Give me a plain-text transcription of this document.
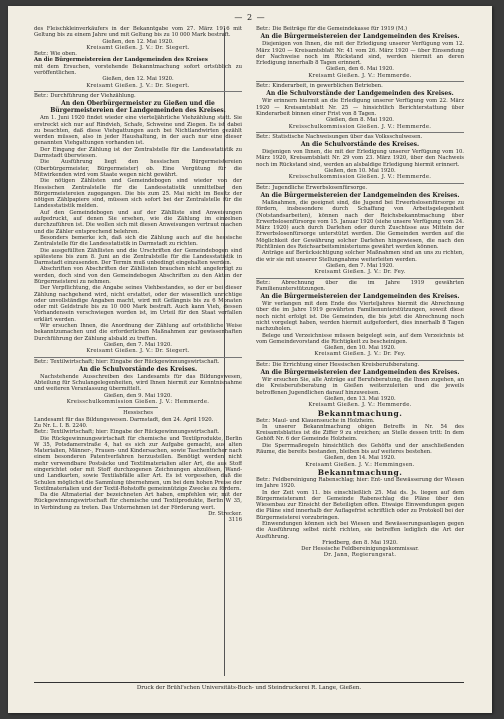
— 2 —

des Fleischkleinverkäufers in der Bekanntgabe vom 27. März 1916 mit Geltung bis zu einem Jahre und mit Geltung bis zu 10 000 Mark bestraft.

Gießen, den 12. Mai 1920.

Kreisamt Gießen. J. V.: Dr. Siegert.

Betr.: Wie oben.

An die Bürgermeistereien der Landgemeinden des Kreises

mit dem Ersuchen, vorstehende Bekanntmachung sofort ortsüblich zu veröffentlichen.

Gießen, den 12. Mai 1920.

Kreisamt Gießen. J. V.: Dr. Siegert.

Betr.: Durchführung der Viehzählung.

An den Oberbürgermeister zu Gießen und die Bürgermeistereien der Landgemeinden des Kreises.

Am 1. Juni 1920 findet wieder eine vierteljährliche Viehzählung statt. Sie erstreckt sich nur auf Rindvieh, Schafe, Schweine und Ziegen. Es ist dabei zu beachten, daß diese Viehgattungen auch bei Nichtlandwirten gezählt werden müssen, also in jeder Haushaltung, in der auch nur eine dieser genannten Viehgattungen vorhanden ist.

Der Eingang der Zählung ist der Zentralstelle für die Landesstatistik zu Darmstadt überwiesen.

Die Ausführung liegt den hessischen Bürgermeistereien (Oberbürgermeister, Bürgermeister) ob. Eine Vergütung für die Mitwirkenden wird vom Staate wegen nicht gewährt.

Die nötigen Zählisten und Gemeindebogen sind wieder von der Hessischen Zentralstelle für die Landesstatistik unmittelbar den Bürgermeistereien zugegangen. Die bis zum 25. Mai nicht im Besitz der nötigen Zählpapiere sind, müssen sich sofort bei der Zentralstelle für die Landesstatistik melden.

Auf den Gemeindebogen und auf der Zählliste sind Anweisungen aufgedruckt, auf denen Sie ersehen, wie die Zählung im einzelnen durchzuführen ist. Die wollen sich mit diesen Anweisungen vertraut machen und die Zähler entsprechend belehren.

Besonders bemerke ich, daß sich die Zählung auch auf die hessische Zentralstelle für die Landesstatistik in Darmstadt zu richten.

Die ausgefüllten Zähllisten und die Urschriften der Gemeindebogen sind spätestens bis zum 8. Juni an die Zentralstelle für die Landesstatistik in Darmstadt einzusenden. Der Termin muß unbedingt eingehalten werden.

Abschriften von Abschriften der Zähllisten brauchen nicht angefertigt zu werden, doch sind von den Gemeindebogen Abschriften zu den Akten der Bürgermeisterei zu nehmen.

Der Verpflichtung, die Angabe seines Viehbestandes, so der er bei dieser Zählung nachgehend wird, nicht erstattet, oder der wissentlich unrichtige oder unvollständige Angaben macht, wird mit Gefängnis bis zu 6 Monaten oder mit Geldstrafe bis zu 10 000 Mark bestraft. Auch kann Vieh, dessen Vorhandensein verschwiegen worden ist, im Urteil für den Staat verfallen erklärt werden.

Wir ersuchen Ihnen, die Anordnung der Zählung auf ortsübliche Weise bekanntzumachen und die erforderlichen Maßnahmen zur gewissenhaften Durchführung der Zählung alsbald zu treffen.

Gießen, den 7. Mai 1920.

Kreisamt Gießen. J. V.: Dr. Siegert.

Betr.: Textilwirtschaft; hier: Eingabe der Rückgewinnungswirtschaft.

An die Schulvorstände des Kreises.

Nachstehende Ausschreiben des Landesamts für das Bildungswesen, Abteilung für Schulangelegenheiten, wird Ihnen hiermit zur Kenntnisnahme und weiteren Veranlassung übermittelt.

Gießen, den 9. Mai 1920.

Kreisschulkommission Gießen. J. V.: Hemmerde.

Hessisches

Landesamt für das Bildungswesen. Darmstadt, den 24. April 1920.

Zu Nr. L. I. B. 2240.

Betr.: Textilwirtschaft; hier: Eingabe der Rückgewinnungswirtschaft.

Die Rückgewinnungswirtschaft für chemische und Textilprodukte, Berlin W 35, Potsdamerstraße 4, hat es sich zur Aufgabe gemacht, aus alten Materialien, Männer-, Frauen- und Kindersachen, sowie Taschentücher nach einem besonderen Patentverfahren herzustellen. Benötigt werden nicht mehr verwendbare Postsäcke und Textilmaterialien aller Art, die aus Stoff eingerichtet oder mit Stoff durchzogenen Zeichnungen abzulösen, Wand- und Landkarten, sowie Textilabfälle aller Art. Es ist vorgesehen, daß die Schulen möglichst die Sammlung übernehmen, um bei dem hohen Preise der Textilmaterialien und der Textil-Rohstoffe gemeinnützige Zwecke zu fördern.

Da die Altmaterial der bezeichneten Art haben, empfehlen wir, mit der Rückgewinnungswirtschaft für chemische und Textilprodukte, Berlin W 35, in Verbindung zu treten. Das Unternehmen ist der Förderung wert.

Dr. Strecker.

3116

Betr.: Die Beiträge für die Gemeindekasse für 1919 (M.)

An die Bürgermeistereien der Landgemeinden des Kreises.

Diejenigen von Ihnen, die mit der Erledigung unserer Verfügung vom 12. März 1920 — Kreisamtsblatt Nr. 41 vom 26. März 1920 — über Einsendung der Nachweise noch im Rückstand sind, werden hiermit an deren Erledigung innerhalb 8 Tagen erinnert.

Gießen, den 6. Mai 1920.

Kreisamt Gießen. J. V.: Hemmerde.

Betr.: Kinderarbeit, in gewerblichen Betrieben.

An die Schulvorstände der Landgemeinden des Kreises.

Wir erinnern hiermit an die Erledigung unserer Verfügung vom 22. März 1920 — Kreisamtsblatt Nr. 25 — hinsichtlich Berichterstattung über Kinderarbeit binnen einer Frist von 8 Tagen.

Gießen, den 8. Mai 1920.

Kreisschulkommission Gießen. J. V.: Hemmerde.

Betr.: Statistische Nachweisungen über das Volksschulwesen.

An die Schulvorstände des Kreises.

Diejenigen von Ihnen, die mit der Erledigung unserer Verfügung vom 10. März 1920, Kreisamtsblatt Nr. 29 vom 23. März 1920, über den Nachweis noch im Rückstand sind, werden an alsbaldige Erledigung hiermit erinnert.

Gießen, den 10. Mai 1920.

Kreisschulkommission Gießen. J. V.: Hemmerde.

Betr.: Jugendliche Erwerbslosenfürsorge.

An die Bürgermeistereien der Landgemeinden des Kreises.

Maßnahmen, die geeignet sind, die Jugend bei Erwerbslosenfürsorge zu fördern, insbesondere durch Schaffung von Arbeitsgelegenheit (Notstandsarbeiten), können nach der Reichsbekanntmachung über Erwerbslosenfürsorge vom 15. Januar 1920 (siehe unsere Verfügung vom 24. März 1920) auch durch Darlehen oder durch Zuschüsse aus Mitteln der Erwerbslosenfürsorge unterstützt werden. Die Gemeinden werden auf die Möglichkeit der Gewährung solcher Darlehen hingewiesen, die nach den Richtlinien des Reichsarbeitsministeriums gewährt werden können.

Anträge auf Berücksichtigung solcher Maßnahmen sind an uns zu richten, die wir sie mit unserer Stellungnahme weiterleiten werden.

Gießen, den 7. Mai 1920.

Kreisamt Gießen. J. V.: Dr. Fey.

Betr.: Abrechnung über die im Jahre 1919 gewährten Familienunterstützungen.

An die Bürgermeistereien der Landgemeinden des Kreises.

Wir verlangen mit dem Ende des Vierteljahres hiermit die Abrechnung über die im Jahre 1919 gewährten Familienunterstützungen, soweit diese noch nicht erfolgt ist. Die Gemeinden, die bis jetzt die Abrechnung noch nicht vorgelegt haben, werden hiermit aufgefordert, dies innerhalb 8 Tagen nachzuholen.

Belege und Verzeichnisse müssen beigelegt sein, auf dem Verzeichnis ist vom Gemeindevorstand die Richtigkeit zu bescheinigen.

Gießen, den 10. Mai 1920.

Kreisamt Gießen. J. V.: Dr. Fey.

Betr.: Die Errichtung einer Hessischen Kreisberufsberatung.

An die Bürgermeistereien der Landgemeinden des Kreises.

Wir ersuchen Sie, alle Anträge auf Berufsberatung, die Ihnen zugehen, an die Kreisberufsberatung in Gießen weiterzuleiten und die jeweils betroffenen Jugendlichen darauf hinzuweisen.

Gießen, den 13. Mai 1920.

Kreisamt Gießen. J. V.: Hemmerde.

Bekanntmachung.

Betr.: Maul- und Klauenseuche in Holzheim.

In unserer Bekanntmachung obigen Betreffs in Nr. 54 des Kreisamtsblattes ist die Ziffer 9 zu streichen; an Stelle dessen tritt: In dem Gehöft Nr. 6 der Gemeinde Holzheim.

Die Sperrmaßregeln hinsichtlich des Gehöfts und der anschließenden Räume, die bereits bestanden, bleiben bis auf weiteres bestehen.

Gießen, den 14. Mai 1920.

Kreisamt Gießen. J. V.: Hemmingsen.

Bekanntmachung.

Betr.: Feldbereinigung Rabenschlag; hier: Ent- und Bewässerung der Wiesen im Jahre 1920.

In der Zeit vom 11. bis einschließlich 25. Mai ds. Js. liegen auf dem Bürgermeisteramt der Gemeinde Rabenschlag die Pläne über den Wiesenbau zur Einsicht der Beteiligten offen. Etwaige Einwendungen gegen die Pläne sind innerhalb der Auflagefrist schriftlich oder zu Protokoll bei der Bürgermeisterei vorzubringen.

Einwendungen können sich bei Wiesen und Bewässerungsanlagen gegen die Ausführung selbst nicht richten, sie betreffen lediglich die Art der Ausführung.

Friedberg, den 8. Mai 1920.

Der Hessische Feldbereinigungskommissar.

Dr. Jann, Regierungsrat.

Druck der Brühl'schen Universitäts-Buch- und Steindruckerei R. Lange, Gießen.
